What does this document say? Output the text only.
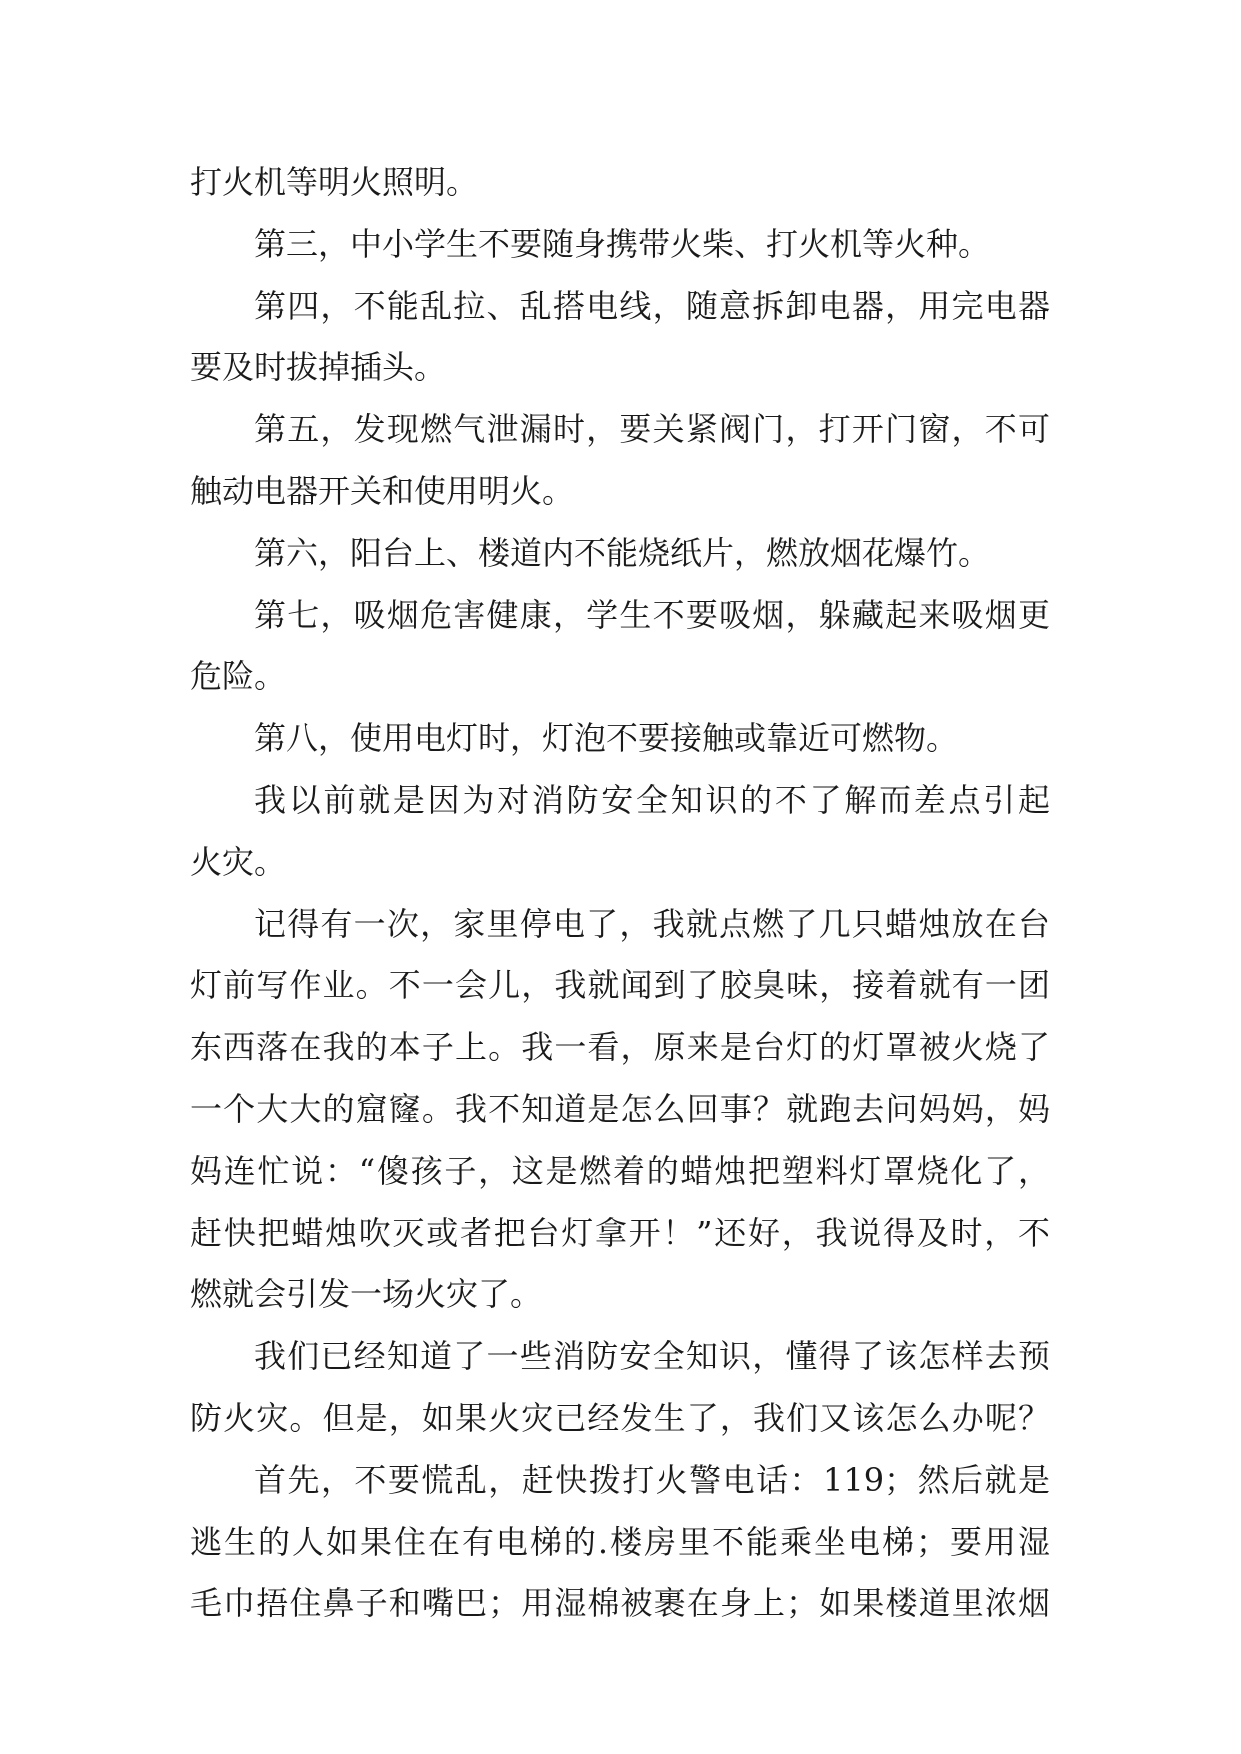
打火机等明火照明。
第三，中小学生不要随身携带火柴、打火机等火种。
第四，不能乱拉、乱搭电线，随意拆卸电器，用完电器
要及时拔掉插头。
第五，发现燃气泄漏时，要关紧阀门，打开门窗，不可
触动电器开关和使用明火。
第六，阳台上、楼道内不能烧纸片，燃放烟花爆竹。
第七，吸烟危害健康，学生不要吸烟，躲藏起来吸烟更
危险。
第八，使用电灯时，灯泡不要接触或靠近可燃物。
我以前就是因为对消防安全知识的不了解而差点引起
火灾。
记得有一次，家里停电了，我就点燃了几只蜡烛放在台
灯前写作业。不一会儿，我就闻到了胶臭味，接着就有一团
东西落在我的本子上。我一看，原来是台灯的灯罩被火烧了
一个大大的窟窿。我不知道是怎么回事？就跑去问妈妈，妈
妈连忙说：“傻孩子，这是燃着的蜡烛把塑料灯罩烧化了，
赶快把蜡烛吹灭或者把台灯拿开！”还好，我说得及时，不
燃就会引发一场火灾了。
我们已经知道了一些消防安全知识，懂得了该怎样去预
防火灾。但是，如果火灾已经发生了，我们又该怎么办呢？
首先，不要慌乱，赶快拨打火警电话：119；然后就是
逃生的人如果住在有电梯的.楼房里不能乘坐电梯；要用湿
毛巾捂住鼻子和嘴巴；用湿棉被裹在身上；如果楼道里浓烟
